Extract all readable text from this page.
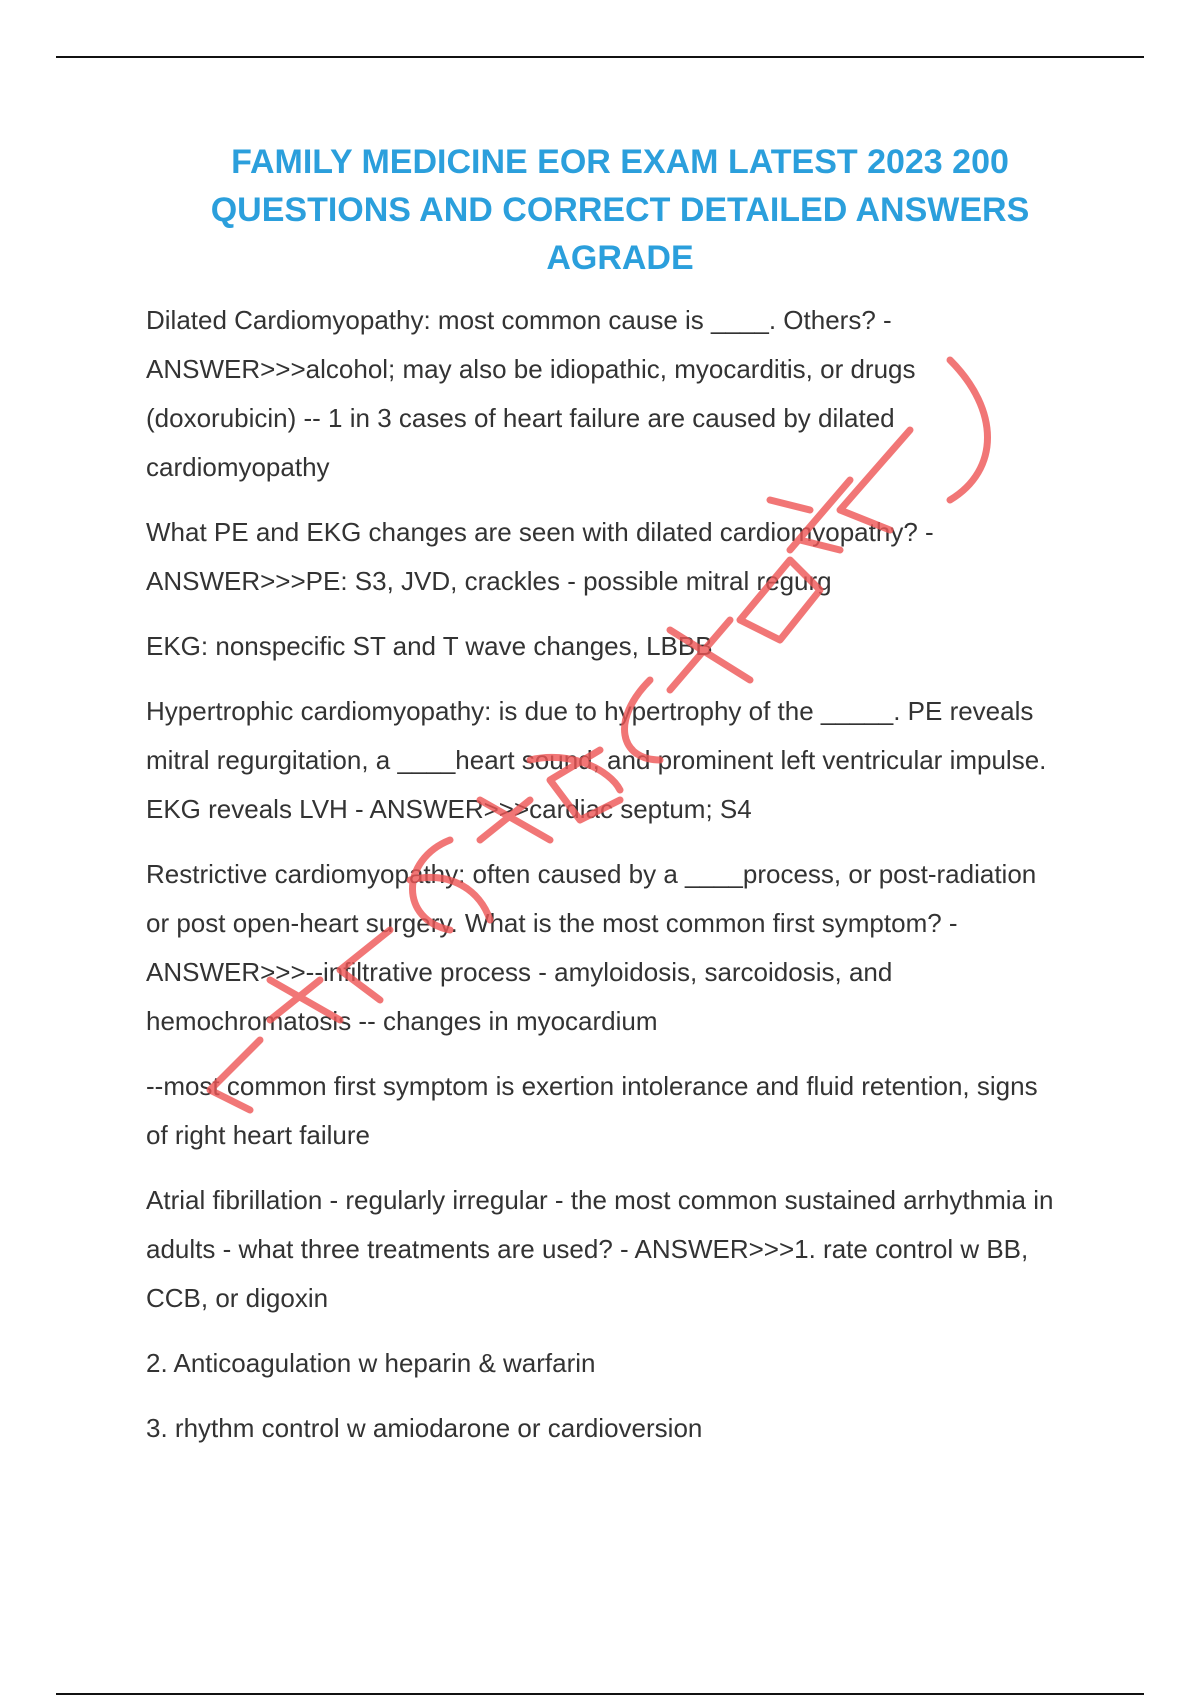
FAMILY MEDICINE EOR EXAM LATEST 2023 200 QUESTIONS AND CORRECT DETAILED ANSWERS AGRADE

Dilated Cardiomyopathy: most common cause is ____. Others? - ANSWER>>>alcohol; may also be idiopathic, myocarditis, or drugs (doxorubicin) -- 1 in 3 cases of heart failure are caused by dilated cardiomyopathy

What PE and EKG changes are seen with dilated cardiomyopathy? - ANSWER>>>PE: S3, JVD, crackles - possible mitral regurg

EKG: nonspecific ST and T wave changes, LBBB

Hypertrophic cardiomyopathy: is due to hypertrophy of the _____. PE reveals mitral regurgitation, a ____heart sound, and prominent left ventricular impulse. EKG reveals LVH - ANSWER>>>cardiac septum; S4

Restrictive cardiomyopathy: often caused by a ____process, or post-radiation or post open-heart surgery. What is the most common first symptom? - ANSWER>>>--infiltrative process - amyloidosis, sarcoidosis, and hemochromatosis -- changes in myocardium

--most common first symptom is exertion intolerance and fluid retention, signs of right heart failure

Atrial fibrillation - regularly irregular - the most common sustained arrhythmia in adults - what three treatments are used? - ANSWER>>>1. rate control w BB, CCB, or digoxin

2. Anticoagulation w heparin & warfarin

3. rhythm control w amiodarone or cardioversion
